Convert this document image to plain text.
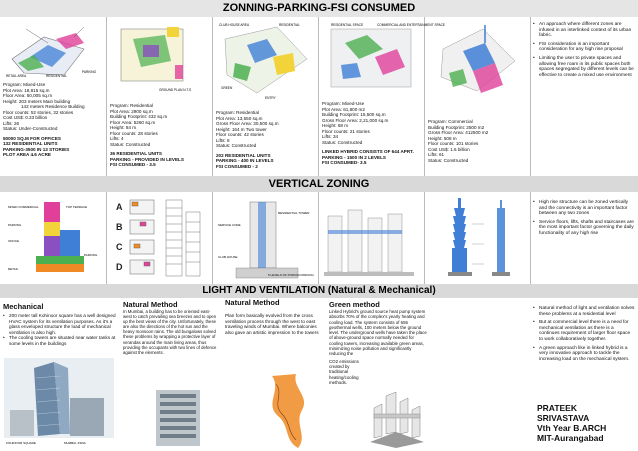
ZONNING-PARKING-FSI CONSUMED
VERTICAL ZONING
LIGHT AND VENTILATION (Natural & Mechanical)
RETAIL AREA	RESIDENTIAL
PARKING
Program: Mixed-Use
Plot Area: 18,815 sq.m
Floor Area: 50,005 sq.m
Height: 203 meters Main building
142 meters Residence Building
Floor counts: 52 stories, 32 stories
Cost US$: 0.33 billion
Lifts: 26
Status: Under-Constructed
50000 SQ.M FOR OFFICES
132 RESIDENTIAL UNITS
PARKING-3500 IN 13 STORIES
PLOT AREA 4.6 ACRE
GROUND PLAN N.T.S
Program: Residential
Plot Area: 2900 sq.m
Building Footprint: 432 sq.m
Floor Area: 5260 sq.m
Height: 84 m
Floor counts: 28 stories
Lifts: 4
Status: Constructed
36 RESIDENTIAL UNITS
PARKING - PROVIDED IN LEVELS
FSI CONSUMED - 3.5
CLUB HOUSE AREA	RESIDENTIAL
GREEN
ENTRY
Program: Residential
Plot Area: 13,550 sq.m
Gross Floor Area: 30,500 sq.m
Height: 164 m Two tower
Floor counts: 42 stories
Lifts: 8
Status: Constructed
202 RESIDENTIAL UNITS
PARKING - 400 IN LEVELS
FSI CONSUMED - 2
RESIDENTIAL SPACE	COMMERCIAL AND ENTERTAINMENT SPACE
Program: Mixed-Use
Plot Area: 61,800 m2
Building Footprint: 15,500 sq.m
Gross Floor Area: 2,21,000 sq.m
Height: 68 m
Floor counts: 21 stories
Lifts: 34
Status: Constructed
LINKED HYBRID CONSISTS OF 644 APRT.
PARKING - 1500 IN 2 LEVELS
FSI CONSUMED- 3.5
Program: Commercial
Building Footprint: 2500 m2
Gross Floor Area: 412500 m2
Height: 508 m
Floor counts: 101 stories
Cost US$: 1.6 billion
Lifts: 61
Status: Constructed
• An approach where different zones are infused in an interlinked context of its urban fabric.
• FSI consideration is an important consideration for any high rise proposal
• Limiting the user to private spaces and allowing free roam in its public spaces both spaces segregated by different levels can be effective to create a mixed use environment
MIXED COMMERCIAL
PARKING
OFFICE
TOP TERRACE
PARKING
RETAIL
A
B
C
D
RESIDENTIAL TOWER
SERVICE CORE
CLUB HOUSE
5 LEVELS OF PODIUM PARKING
• High rise structure can be zoned vertically and the connectivity is an important factor between any two zones
• Service floors, lifts, shafts and staircases are the most important factor governing the daily functionality of any high rise
Mechanical
• 200 meter tall Kohinoor square has a well designed HVAC system for its ventilation purposes. As it's a glass enveloped structure the load of mechanical ventilation is also high.
• The cooling towers are situated near water tanks at some levels in the buildings
KOHINOOR SQUARE	MUMBAI, INDIA
Natural Method
In Mumbai, a building has to be oriented east-west to catch prevailing sea breezes and to open up the best views of the city. Unfortunately, these are also the directions of the hot sun and the heavy monsoon rains. The old bungalows solved these problems by wrapping a protective layer of verandas around the main living areas, thus providing the occupants with two lines of defence against the elements.
Natural Method
Plan form basically evolved from the cross ventilation process through the west to east traveling winds of Mumbai. Where balconies also gave an artistic impression to the towers
Green method
Linked Hybrid's ground source heat pump system absorbs 70% of the complex's yearly heating and cooling load. The system consists of 655 geothermal wells, 100 meters below the ground level. The underground wells have taken the place of above-ground space normally needed for cooling towers, increasing available green areas, minimizing noise pollution and significantly reducing the
CO2 emissions
created by
traditional
heating/cooling
methods.
• Natural method of light and ventilation solves these problems at a residential level
• But at commercial level there is a need for mechanical ventilation as there is a continues requirement of larger floor space to work collaboratively together.
• A green approach like in linked hybrid is a very innovative approach to tackle the increasing load on the mechanical system.
PRATEEK
SRIVASTAVA
Vth Year B.ARCH
MIT-Aurangabad
